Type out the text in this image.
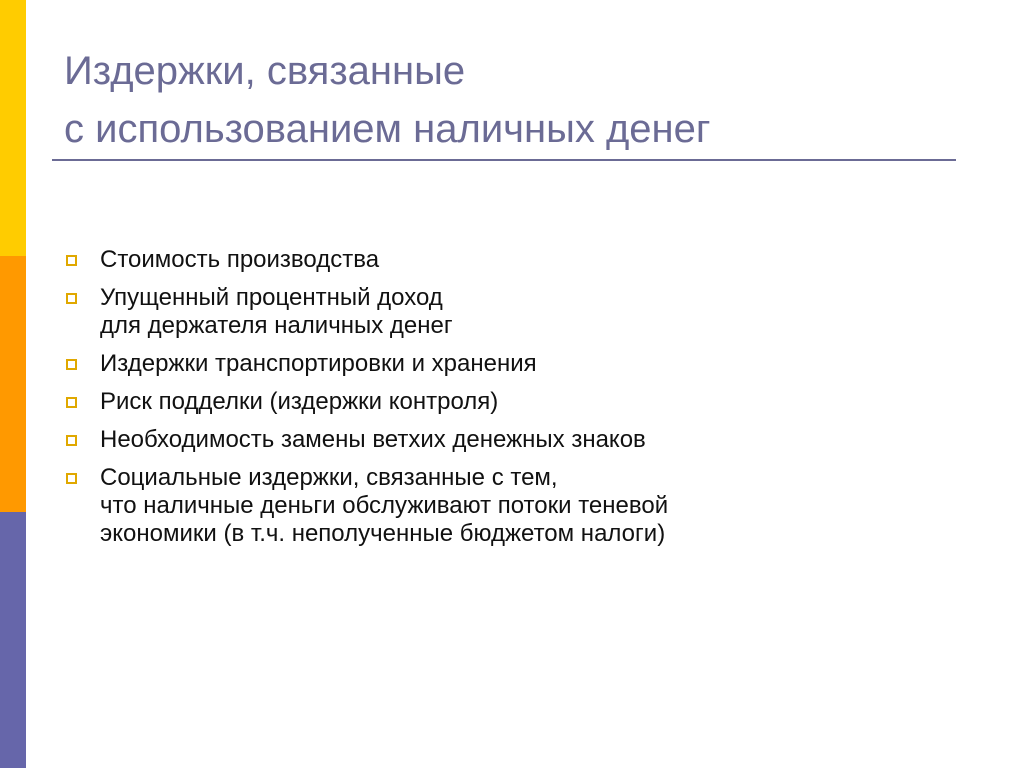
Издержки, связанные
с использованием наличных денег
Стоимость производства
Упущенный процентный доход
для держателя наличных денег
Издержки транспортировки и хранения
Риск подделки (издержки контроля)
Необходимость замены ветхих денежных знаков
Социальные издержки, связанные с тем,
что наличные деньги обслуживают потоки теневой
экономики (в т.ч. неполученные бюджетом налоги)
